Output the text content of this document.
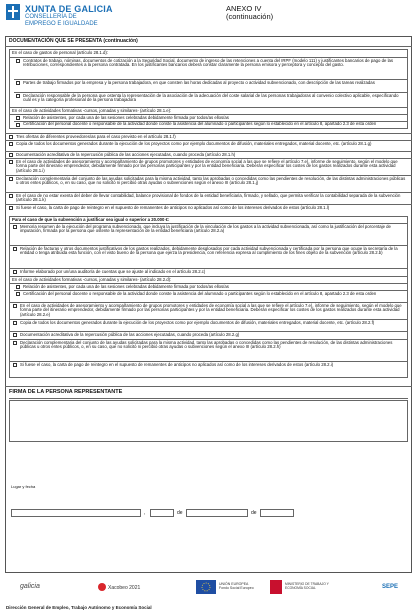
XUNTA DE GALICIA
CONSELLERÍA DE
EMPREGO E IGUALDADE
ANEXO IV
(continuación)
DOCUMENTACIÓN QUE SE PRESENTA (continuación)
En el caso de gastos de personal (artículo 28.1.d):
Contratos de trabajo, nóminas, documentos de cotización a la Seguridad Social, documento de ingreso de las retenciones a cuenta del IRPF (modelo 111) y justificantes bancarios de pago de las retribuciones, correspondientes a la persona contratada. En los justificantes bancarios deberá constar claramente la persona emisora y perceptora y concepto del gasto.
Partes de trabajo firmados por la empresa y la persona trabajadora, en que consten las horas dedicadas al proyecto o actividad subvencionado, con descripción de las tareas realizadas
Declaración responsable de la persona que ostenta la representación de la asociación de la adecuación del coste salarial de las personas trabajadoras al convenio colectivo aplicable, especificando cuál es y la categoría profesional de la persona trabajadora
En el caso de actividades formativas -cursos, jornadas y similares- (artículo 28.1.e):
Relación de asistentes, por cada una de las sesiones celebradas debidamente firmada por todos/as ellos/as
Certificación del personal docente o responsable de la actividad donde conste la asistencia del alumnado o participantes según lo establecido en el artículo 8, apartado 2.3 de esta orden
Tres ofertas de diferentes proveedores/as para el caso previsto en el artículo 28.1.f)
Copia de todos los documentos generados durante la ejecución de los proyectos como por ejemplo documentos de difusión, materiales entregados, material docente, etc. (artículo 28.1.g)
Documentación acreditativa de la repercusión pública de las acciones ejecutadas, cuando proceda (artículo 28.1.h)
En el caso de actividades de asesoramiento y acompañamiento de grupos promotores y entidades de economía social a las que se refiere el artículo 7.e), informe de seguimiento, según el modelo que forma parte del itinerario emprendedor, debidamente firmado por las personas participantes y por la entidad beneficiaria. Deberán especificar los costes de los gastos realizados durante esta actividad (artículo 28.1.i)
Declaración complementaria del conjunto de las ayudas solicitadas para la misma actividad, tanto las aprobadas o concedidas como las pendientes de resolución, de las distintas administraciones públicas u otros entes públicos, o, en su caso, que no solicitó ni percibió otras ayudas o subvenciones según el anexo III (artículo 28.1.j)
En el caso de no estar exenta del deber de llevar contabilidad, balance provisional de fondos de la entidad beneficiaria, firmado, y sellado, que permita verificar la contabilidad separada de la subvención (artículo 28.1.k)
Si fuese el caso, la carta de pago de reintegro en el supuesto de remanentes de anticipos no aplicados así como de los intereses derivados de estos (artículo 28.1.l)
Para el caso de que la subvención a justificar sea igual o superior a 20.000 €:
Memoria resumen de la ejecución del programa subvencionado, que incluya la justificación de la vinculación de los gastos a la actividad subvencionada, así como la justificación del porcentaje de imputación, firmada por la persona que ostente la representación de la entidad beneficiaria (artículo 28.2.a)
Relación de facturas y otros documentos justificativos de los gastos realizados, debidamente desglosados por cada actividad subvencionada y certificada por la persona que ocupe la secretaría de la entidad o tenga atribuida esta función, con el visto bueno de la persona que ejerza la presidencia, con referencia expresa al cumplimiento de los fines objeto de la subvención (artículo 28.2.b)
Informe elaborado por un/una auditor/a de cuentas que se ajuste al indicado en el artículo 28.2.c)
En el caso de actividades formativas -cursos, jornadas y similares- (artículo 28.2.d):
Relación de asistentes, por cada una de las sesiones celebradas debidamente firmada por todos/as ellos/as
Certificación del personal docente o responsable de la actividad donde conste la asistencia del alumnado o participantes según lo establecido en el artículo 8, apartado 2.3 de esta orden
En el caso de actividades de asesoramiento y acompañamiento de grupos promotores y entidades de economía social a las que se refiere el artículo 7.e), informe de seguimiento, según el modelo que forma parte del itinerario emprendedor, debidamente firmado por las personas participantes y por la entidad beneficiaria. Deberán especificar los costes de los gastos realizados durante esta actividad (artículo 28.2.e)
Copia de todos los documentos generados durante la ejecución de los proyectos como por ejemplo documentos de difusión, materiales entregados, material docente, etc. (artículo 28.2.f)
Documentación acreditativa de la repercusión pública de las acciones ejecutadas, cuando proceda (artículo 28.2.g)
Declaración complementaria del conjunto de las ayudas solicitadas para la misma actividad, tanto las aprobadas o concedidas como las pendientes de resolución, de las distintas administraciones públicas u otros entes públicos, o, en su caso, que no solicitó ni percibió otras ayudas o subvenciones según el anexo III (artículo 28.2.h)
Si fuese el caso, la carta de pago de reintegro en el supuesto de remanentes de anticipos no aplicados así como de los intereses derivados de estos (artículo 28.2.i)
FIRMA DE LA PERSONA REPRESENTANTE
Lugar y fecha
,	de	de
galicia	Xacobeo 2021
UNIÓN EUROPEA
Fondo Social Europeo
MINISTERIO DE TRABAJO Y ECONOMÍA SOCIAL	SEPE
Dirección General de Empleo, Trabajo Autónomo y Economía Social
